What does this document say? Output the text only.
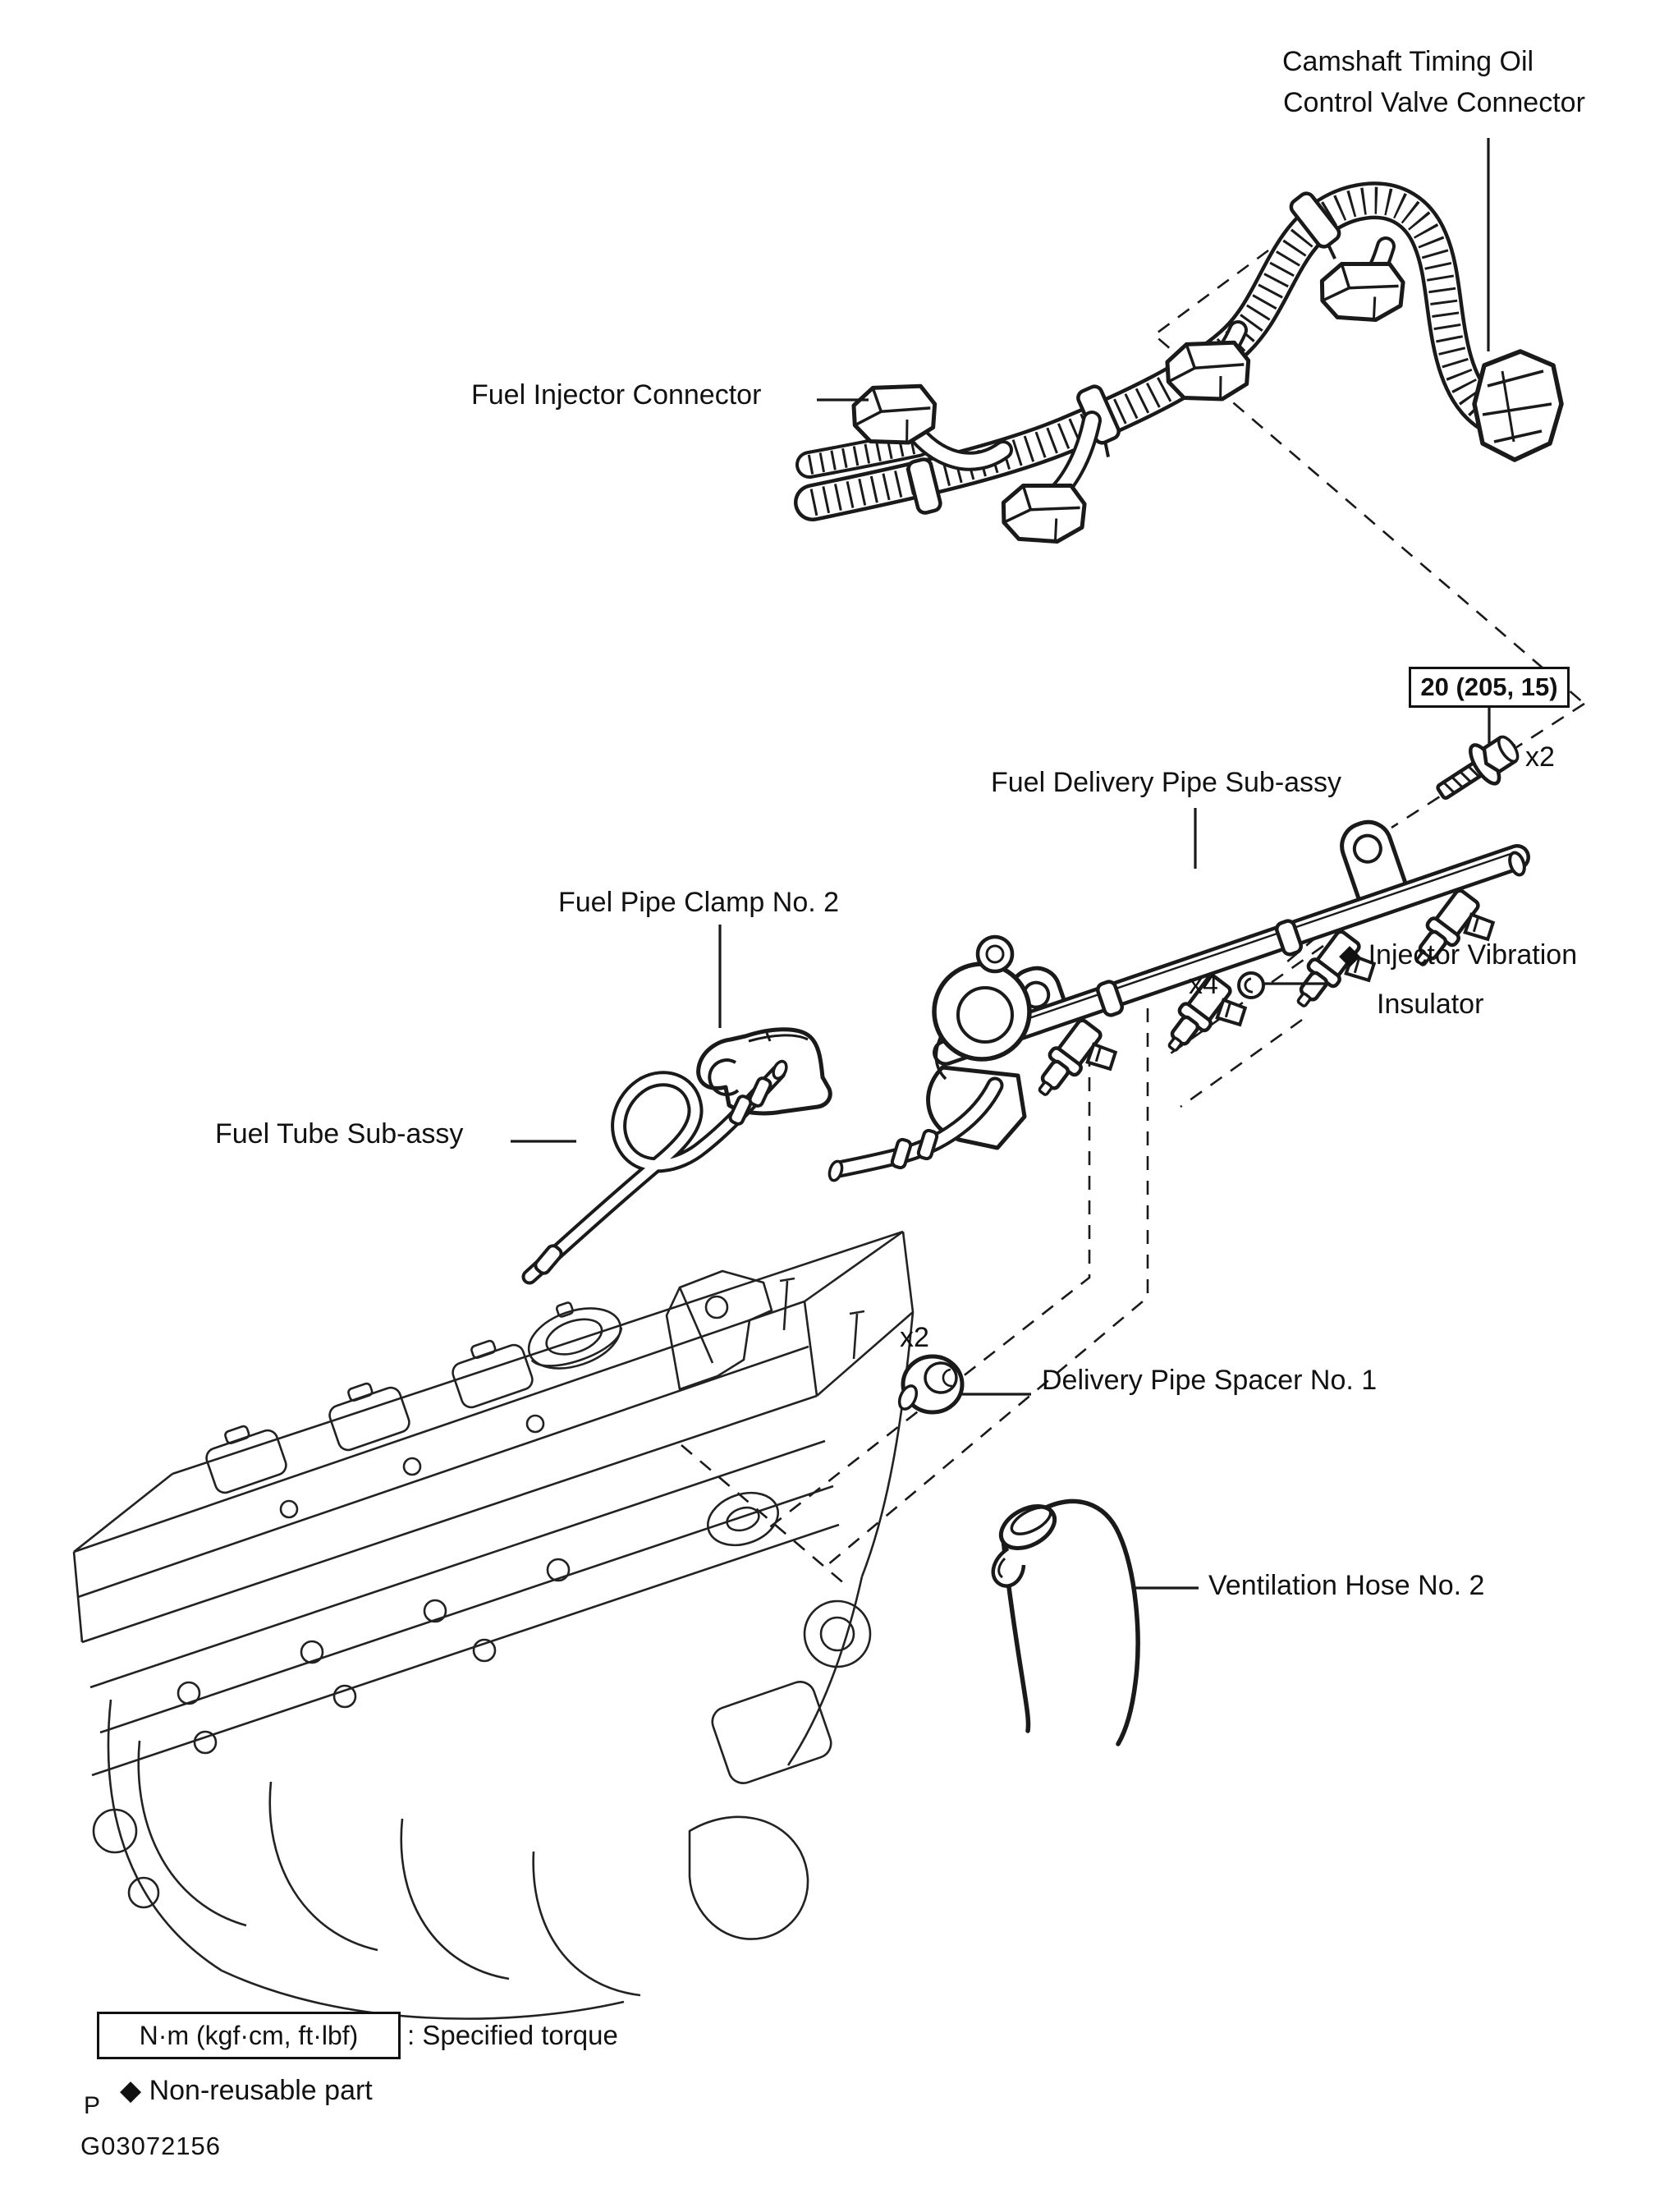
Camshaft Timing Oil
Control Valve Connector
Fuel Injector Connector
20 (205, 15)
x2
Fuel Delivery Pipe Sub-assy
Fuel Pipe Clamp No. 2
x4
◆ Injector Vibration
Insulator
Fuel Tube Sub-assy
x2
Delivery Pipe Spacer No. 1
Ventilation Hose No. 2
N·m (kgf·cm, ft·lbf)	: Specified torque
◆ Non-reusable part
P
G03072156
